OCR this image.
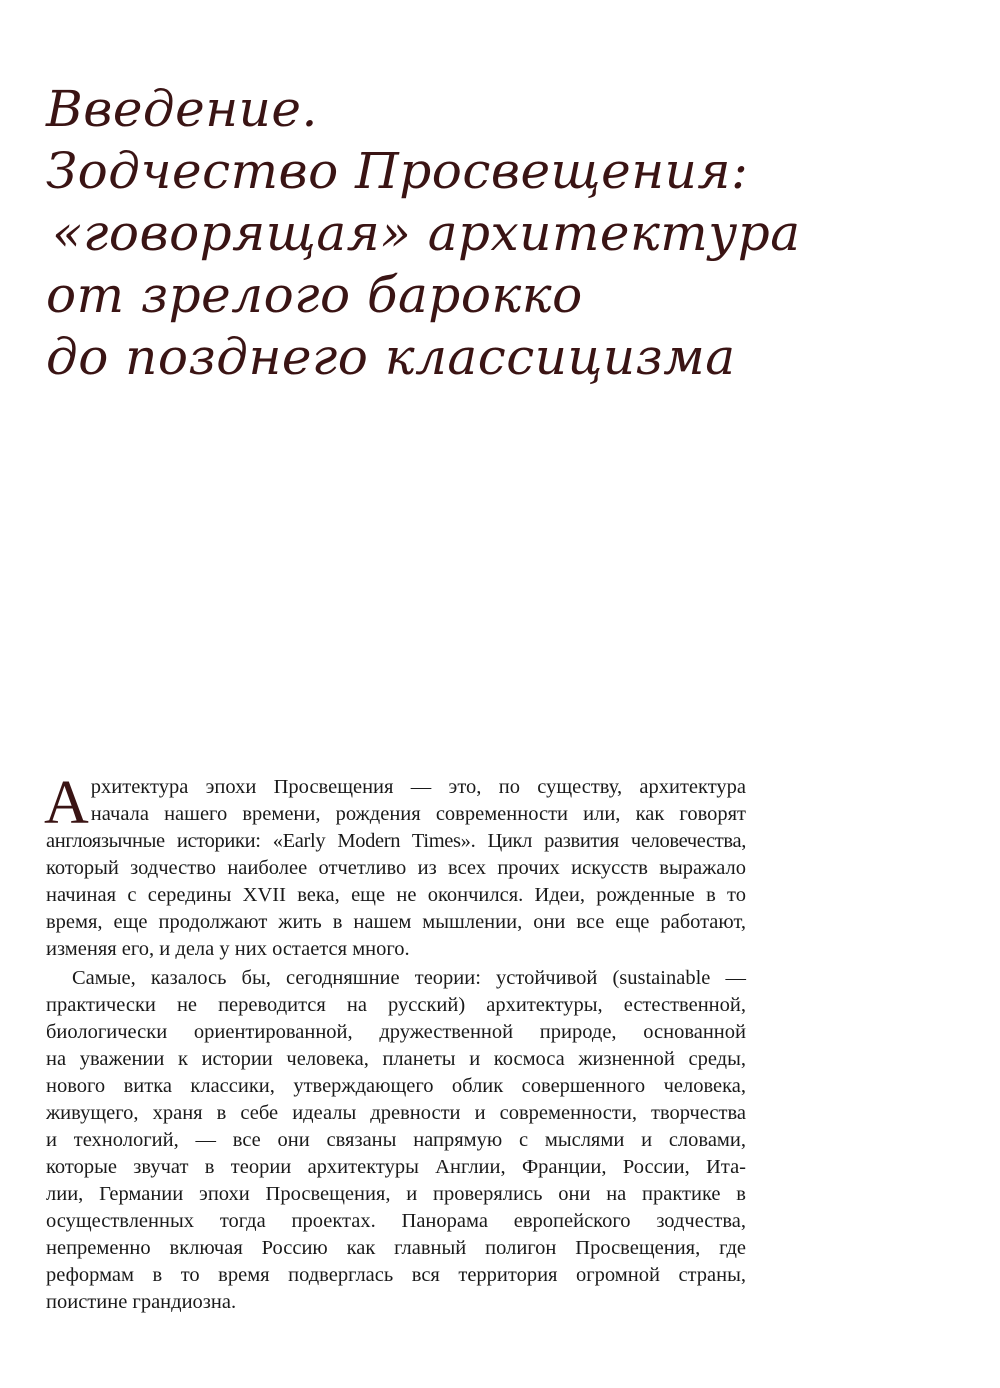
Введение.
Зодчество Просвещения:
«говорящая» архитектура
от зрелого барокко
до позднего классицизма
А рхитектура эпохи Просвещения — это, по существу, архитектура
начала нашего времени, рождения современности или, как говорят
англоязычные историки: «Early Modern Times». Цикл развития человечества,
который зодчество наиболее отчетливо из всех прочих искусств выражало
начиная с середины XVII века, еще не окончился. Идеи, рожденные в то
время, еще продолжают жить в нашем мышлении, они все еще работают,
изменяя его, и дела у них остается много.
Самые, казалось бы, сегодняшние теории: устойчивой (sustainable —
практически не переводится на русский) архитектуры, естественной,
биологически ориентированной, дружественной природе, основанной
на уважении к истории человека, планеты и космоса жизненной среды,
нового витка классики, утверждающего облик совершенного человека,
живущего, храня в себе идеалы древности и современности, творчества
и технологий, — все они связаны напрямую с мыслями и словами,
которые звучат в теории архитектуры Англии, Франции, России, Ита-
лии, Германии эпохи Просвещения, и проверялись они на практике в
осуществленных тогда проектах. Панорама европейского зодчества,
непременно включая Россию как главный полигон Просвещения, где
реформам в то время подверглась вся территория огромной страны,
поистине грандиозна.
